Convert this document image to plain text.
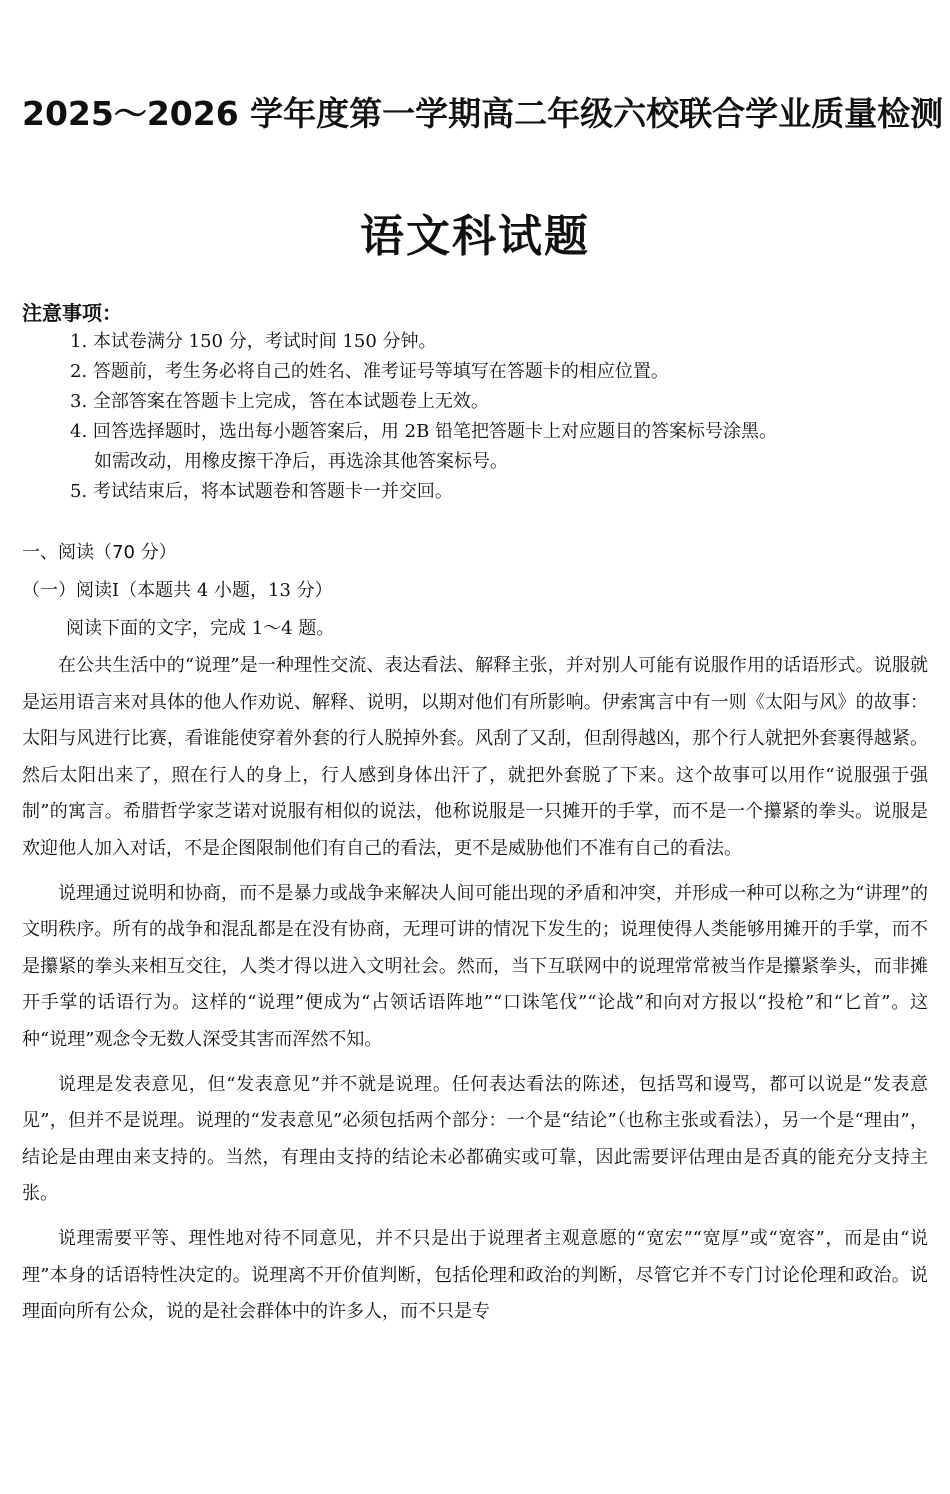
2025～2026 学年度第一学期高二年级六校联合学业质量检测
语文科试题
注意事项：
1. 本试卷满分 150 分，考试时间 150 分钟。
2. 答题前，考生务必将自己的姓名、准考证号等填写在答题卡的相应位置。
3. 全部答案在答题卡上完成，答在本试题卷上无效。
4. 回答选择题时，选出每小题答案后，用 2B 铅笔把答题卡上对应题目的答案标号涂黑。
如需改动，用橡皮擦干净后，再选涂其他答案标号。
5. 考试结束后，将本试题卷和答题卡一并交回。
一、阅读（70 分）
（一）阅读Ⅰ（本题共 4 小题，13 分）
阅读下面的文字，完成 1～4 题。

在公共生活中的“说理”是一种理性交流、表达看法、解释主张，并对别人可能有说服作用的话语形式。说服就是运用语言来对具体的他人作劝说、解释、说明，以期对他们有所影响。伊索寓言中有一则《太阳与风》的故事：太阳与风进行比赛，看谁能使穿着外套的行人脱掉外套。风刮了又刮，但刮得越凶，那个行人就把外套裹得越紧。然后太阳出来了，照在行人的身上，行人感到身体出汗了，就把外套脱了下来。这个故事可以用作“说服强于强制”的寓言。希腊哲学家芝诺对说服有相似的说法，他称说服是一只摊开的手掌，而不是一个攥紧的拳头。说服是欢迎他人加入对话，不是企图限制他们有自己的看法，更不是威胁他们不准有自己的看法。

说理通过说明和协商，而不是暴力或战争来解决人间可能出现的矛盾和冲突，并形成一种可以称之为“讲理”的文明秩序。所有的战争和混乱都是在没有协商，无理可讲的情况下发生的；说理使得人类能够用摊开的手掌，而不是攥紧的拳头来相互交往，人类才得以进入文明社会。然而，当下互联网中的说理常常被当作是攥紧拳头，而非摊开手掌的话语行为。这样的“说理”便成为“占领话语阵地”“口诛笔伐”“论战”和向对方报以“投枪”和“匕首”。这种“说理”观念令无数人深受其害而浑然不知。

说理是发表意见，但“发表意见”并不就是说理。任何表达看法的陈述，包括骂和谩骂，都可以说是“发表意见”，但并不是说理。说理的“发表意见”必须包括两个部分：一个是“结论”（也称主张或看法），另一个是“理由”，结论是由理由来支持的。当然，有理由支持的结论未必都确实或可靠，因此需要评估理由是否真的能充分支持主张。

说理需要平等、理性地对待不同意见，并不只是出于说理者主观意愿的“宽宏”“宽厚”或“宽容”，而是由“说理”本身的话语特性决定的。说理离不开价值判断，包括伦理和政治的判断，尽管它并不专门讨论伦理和政治。说理面向所有公众，说的是社会群体中的许多人，而不只是专
